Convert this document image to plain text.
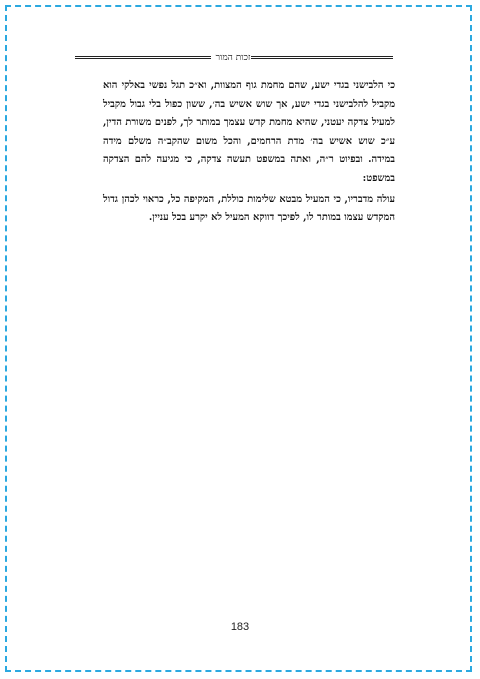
זכות המור

כי הלבישני בגדי ישע, שהם מחמת גוף המצוות, וא״כ תגל נפשי באלקי הוא מקביל להלבישני בגדי ישע, אך שוש אשיש בה׳, ששון כפול בלי גבול מקביל למעיל צדקה יעטני, שהיא מחמת קדש עצמך במותר לך, לפנים משורת הדין, ע״כ שוש אשיש בה׳ מדת הרחמים, והכל משום שהקב״ה משלם מידה במידה. ובפיוט ר״ה, ואתה במשפט תעשה צדקה, כי מגיעה להם הצדקה במשפט:

עולה מדבריו, כי המעיל מבטא שלימות כוללת, המקיפה כל, כראוי לכהן גדול המקדש עצמו במותר לו, לפיכך דווקא המעיל לא יקרע בכל עניין.

183
